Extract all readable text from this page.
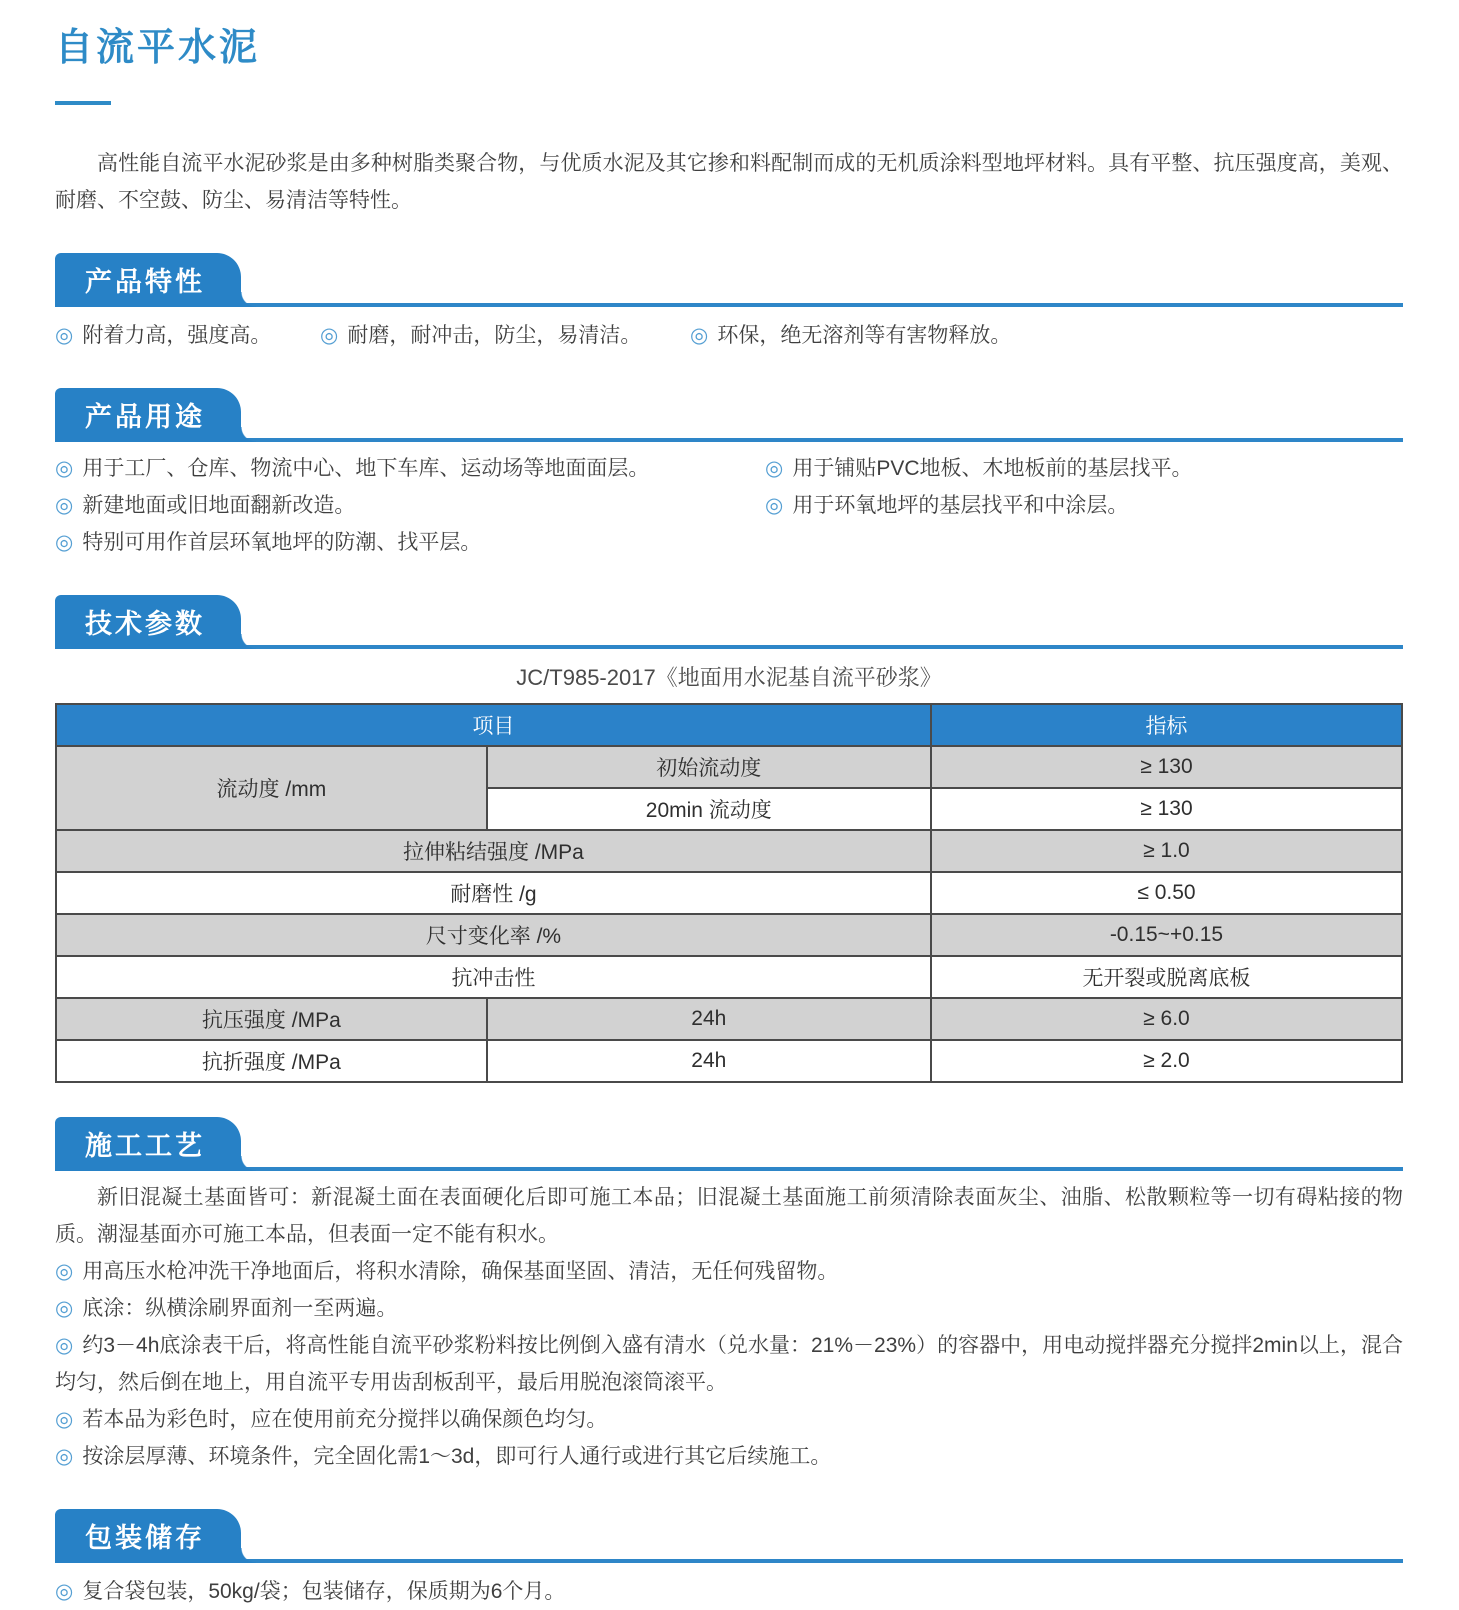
自流平水泥

高性能自流平水泥砂浆是由多种树脂类聚合物，与优质水泥及其它掺和料配制而成的无机质涂料型地坪材料。具有平整、抗压强度高，美观、耐磨、不空鼓、防尘、易清洁等特性。

产品特性
◎ 附着力高，强度高。	◎ 耐磨，耐冲击，防尘，易清洁。	◎ 环保，绝无溶剂等有害物释放。
产品用途
◎ 用于工厂、仓库、物流中心、地下车库、运动场等地面面层。
◎ 新建地面或旧地面翻新改造。
◎ 特别可用作首层环氧地坪的防潮、找平层。
◎ 用于铺贴PVC地板、木地板前的基层找平。
◎ 用于环氧地坪的基层找平和中涂层。
技术参数
JC/T985-2017《地面用水泥基自流平砂浆》
项目		指标
流动度 /mm	初始流动度	≥ 130
	20min 流动度	≥ 130
拉伸粘结强度 /MPa		≥ 1.0
耐磨性 /g		≤ 0.50
尺寸变化率 /%		-0.15~+0.15
抗冲击性		无开裂或脱离底板
抗压强度 /MPa	24h	≥ 6.0
抗折强度 /MPa	24h	≥ 2.0
施工工艺

新旧混凝土基面皆可：新混凝土面在表面硬化后即可施工本品；旧混凝土基面施工前须清除表面灰尘、油脂、松散颗粒等一切有碍粘接的物质。潮湿基面亦可施工本品，但表面一定不能有积水。

◎ 用高压水枪冲洗干净地面后，将积水清除，确保基面坚固、清洁，无任何残留物。
◎ 底涂：纵横涂刷界面剂一至两遍。
◎ 约3－4h底涂表干后，将高性能自流平砂浆粉料按比例倒入盛有清水（兑水量：21%－23%）的容器中，用电动搅拌器充分搅拌2min以上，混合均匀，然后倒在地上，用自流平专用齿刮板刮平，最后用脱泡滚筒滚平。
◎ 若本品为彩色时，应在使用前充分搅拌以确保颜色均匀。
◎ 按涂层厚薄、环境条件，完全固化需1～3d，即可行人通行或进行其它后续施工。
包装储存
◎ 复合袋包装，50kg/袋；包装储存，保质期为6个月。
